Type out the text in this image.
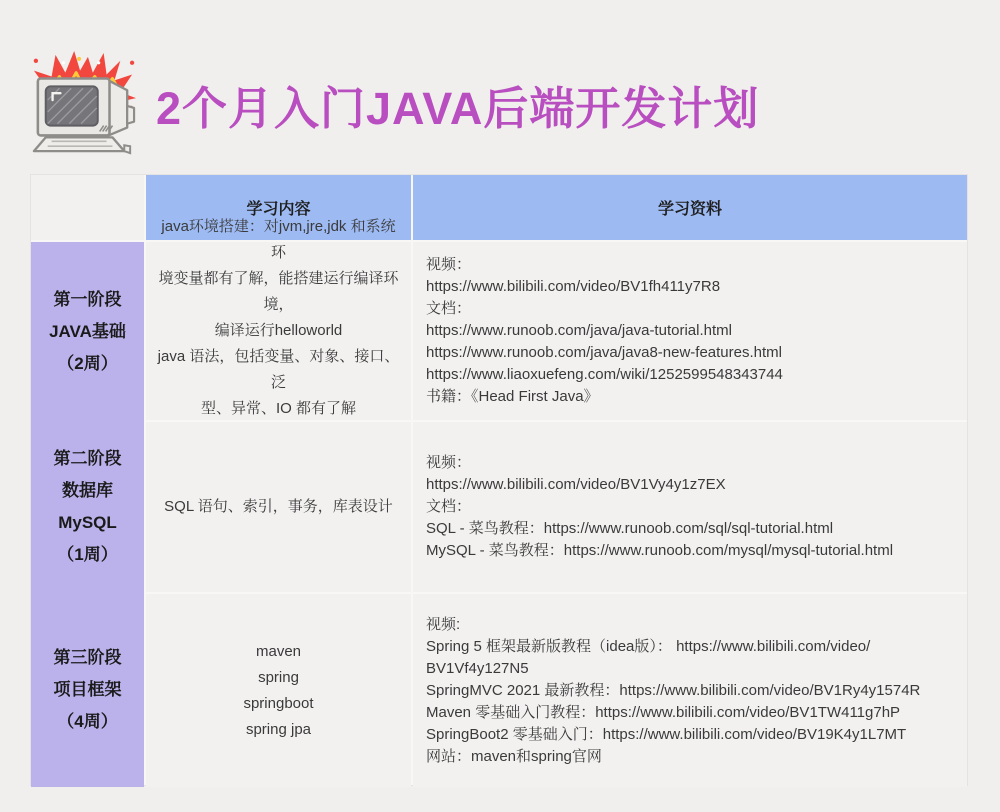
2个月入门JAVA后端开发计划
学习内容	学习资料
第一阶段
JAVA基础
（2周）
第二阶段
数据库
MySQL
（1周）
第三阶段
项目框架
（4周）
java环境搭建：对jvm,jre,jdk 和系统环
境变量都有了解，能搭建运行编译环境，
编译运行helloworld
java 语法，包括变量、对象、接口、泛
型、异常、IO 都有了解
视频：
https://www.bilibili.com/video/BV1fh411y7R8
文档：
https://www.runoob.com/java/java-tutorial.html
https://www.runoob.com/java/java8-new-features.html
https://www.liaoxuefeng.com/wiki/1252599548343744
书籍：《Head First Java》
SQL 语句、索引，事务，库表设计
视频：
https://www.bilibili.com/video/BV1Vy4y1z7EX
文档：
SQL - 菜鸟教程：https://www.runoob.com/sql/sql-tutorial.html
MySQL - 菜鸟教程：https://www.runoob.com/mysql/mysql-tutorial.html
maven
spring
springboot
spring jpa
视频:
Spring 5 框架最新版教程（idea版）： https://www.bilibili.com/video/
BV1Vf4y127N5
SpringMVC 2021 最新教程：https://www.bilibili.com/video/BV1Ry4y1574R
Maven 零基础入门教程：https://www.bilibili.com/video/BV1TW411g7hP
SpringBoot2 零基础入门：https://www.bilibili.com/video/BV19K4y1L7MT
网站：maven和spring官网
